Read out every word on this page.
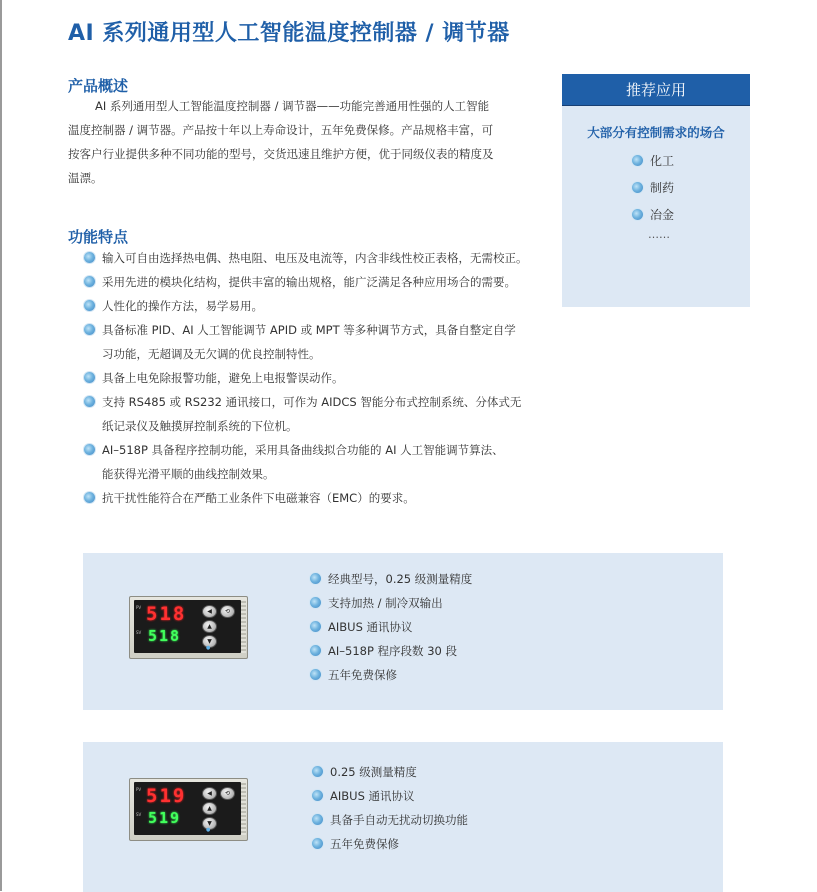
AI 系列通用型人工智能温度控制器 / 调节器
产品概述
AI 系列通用型人工智能温度控制器 / 调节器——功能完善通用性强的人工智能
温度控制器 / 调节器。产品按十年以上寿命设计，五年免费保修。产品规格丰富，可
按客户行业提供多种不同功能的型号，交货迅速且维护方便，优于同级仪表的精度及
温漂。
功能特点
输入可自由选择热电偶、热电阻、电压及电流等，内含非线性校正表格，无需校正。
采用先进的模块化结构，提供丰富的输出规格，能广泛满足各种应用场合的需要。
人性化的操作方法，易学易用。
具备标准 PID、AI 人工智能调节 APID 或 MPT 等多种调节方式，具备自整定自学
习功能，无超调及无欠调的优良控制特性。
具备上电免除报警功能，避免上电报警误动作。
支持 RS485 或 RS232 通讯接口，可作为 AIDCS 智能分布式控制系统、分体式无
纸记录仪及触摸屏控制系统的下位机。
AI–518P 具备程序控制功能，采用具备曲线拟合功能的 AI 人工智能调节算法、
能获得光滑平顺的曲线控制效果。
抗干扰性能符合在严酷工业条件下电磁兼容（EMC）的要求。
推荐应用
大部分有控制需求的场合
化工
制药
冶金
……
PV
SV
518
518
◀
▲
▼
⟲
●
经典型号，0.25 级测量精度
支持加热 / 制冷双输出
AIBUS 通讯协议
AI–518P 程序段数 30 段
五年免费保修
PV
SV
519
519
◀
▲
▼
⟲
●
0.25 级测量精度
AIBUS 通讯协议
具备手自动无扰动切换功能
五年免费保修
